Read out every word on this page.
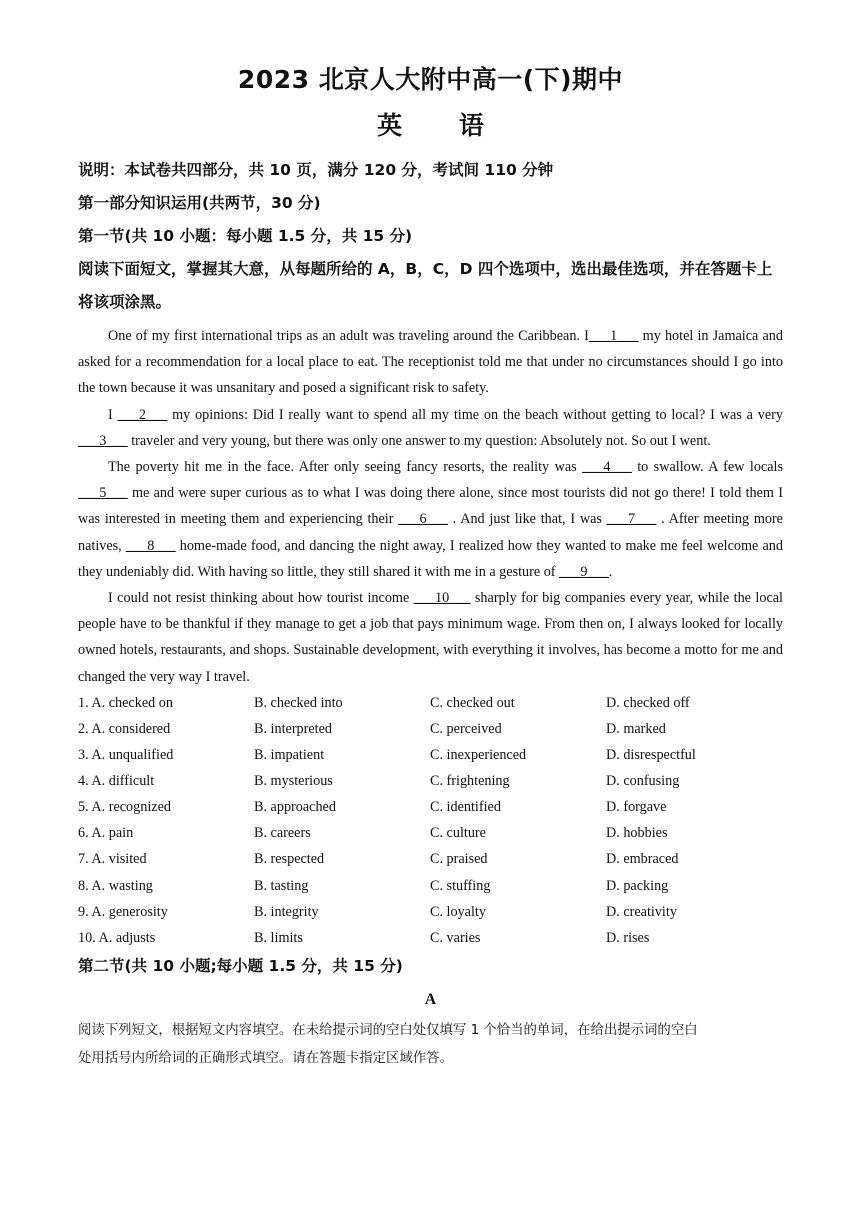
2023 北京人大附中高一(下)期中
英 语

说明：本试卷共四部分，共 10 页，满分 120 分，考试间 110 分钟

第一部分知识运用(共两节，30 分)

第一节(共 10 小题：每小题 1.5 分，共 15 分)

阅读下面短文，掌握其大意，从每题所给的 A，B，C，D 四个选项中，选出最佳选项，并在答题卡上将该项涂黑。

One of my first international trips as an adult was traveling around the Caribbean. I___1___ my hotel in Jamaica and asked for a recommendation for a local place to eat. The receptionist told me that under no circumstances should I go into the town because it was unsanitary and posed a significant risk to safety.

I ___2___ my opinions: Did I really want to spend all my time on the beach without getting to local? I was a very ___3___ traveler and very young, but there was only one answer to my question: Absolutely not. So out I went.

The poverty hit me in the face. After only seeing fancy resorts, the reality was ___4___ to swallow. A few locals ___5___ me and were super curious as to what I was doing there alone, since most tourists did not go there! I told them I was interested in meeting them and experiencing their ___6___ . And just like that, I was ___7___ . After meeting more natives, ___8___ home-made food, and dancing the night away, I realized how they wanted to make me feel welcome and they undeniably did. With having so little, they still shared it with me in a gesture of ___9___.

I could not resist thinking about how tourist income ___10___ sharply for big companies every year, while the local people have to be thankful if they manage to get a job that pays minimum wage. From then on, I always looked for locally owned hotels, restaurants, and shops. Sustainable development, with everything it involves, has become a motto for me and changed the very way I travel.

1. A. checked on	B. checked into	C. checked out	D. checked off
2. A. considered	B. interpreted	C. perceived	D. marked
3. A. unqualified	B. impatient	C. inexperienced	D. disrespectful
4. A. difficult	B. mysterious	C. frightening	D. confusing
5. A. recognized	B. approached	C. identified	D. forgave
6. A. pain	B. careers	C. culture	D. hobbies
7. A. visited	B. respected	C. praised	D. embraced
8. A. wasting	B. tasting	C. stuffing	D. packing
9. A. generosity	B. integrity	C. loyalty	D. creativity
10. A. adjusts	B. limits	C. varies	D. rises

第二节(共 10 小题;每小题 1.5 分，共 15 分)

A

阅读下列短文，根据短文内容填空。在未给提示词的空白处仅填写 1 个恰当的单词，在给出提示词的空白

处用括号内所给词的正确形式填空。请在答题卡指定区域作答。
